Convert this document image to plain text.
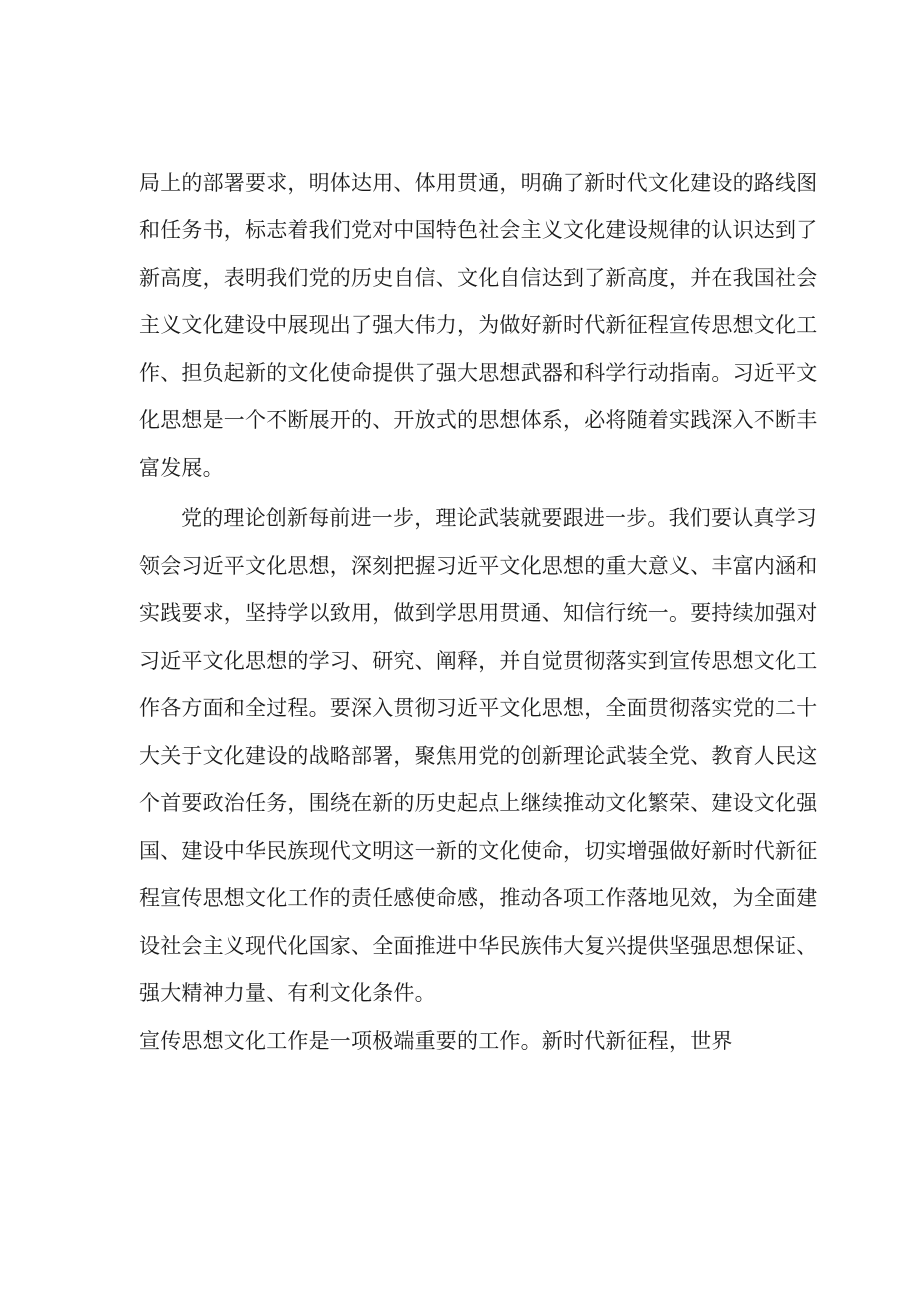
局上的部署要求，明体达用、体用贯通，明确了新时代文化建设的路线图
和任务书，标志着我们党对中国特色社会主义文化建设规律的认识达到了
新高度，表明我们党的历史自信、文化自信达到了新高度，并在我国社会
主义文化建设中展现出了强大伟力，为做好新时代新征程宣传思想文化工
作、担负起新的文化使命提供了强大思想武器和科学行动指南。习近平文
化思想是一个不断展开的、开放式的思想体系，必将随着实践深入不断丰
富发展。
党的理论创新每前进一步，理论武装就要跟进一步。我们要认真学习
领会习近平文化思想，深刻把握习近平文化思想的重大意义、丰富内涵和
实践要求，坚持学以致用，做到学思用贯通、知信行统一。要持续加强对
习近平文化思想的学习、研究、阐释，并自觉贯彻落实到宣传思想文化工
作各方面和全过程。要深入贯彻习近平文化思想，全面贯彻落实党的二十
大关于文化建设的战略部署，聚焦用党的创新理论武装全党、教育人民这
个首要政治任务，围绕在新的历史起点上继续推动文化繁荣、建设文化强
国、建设中华民族现代文明这一新的文化使命，切实增强做好新时代新征
程宣传思想文化工作的责任感使命感，推动各项工作落地见效，为全面建
设社会主义现代化国家、全面推进中华民族伟大复兴提供坚强思想保证、
强大精神力量、有利文化条件。
宣传思想文化工作是一项极端重要的工作。新时代新征程，世界
